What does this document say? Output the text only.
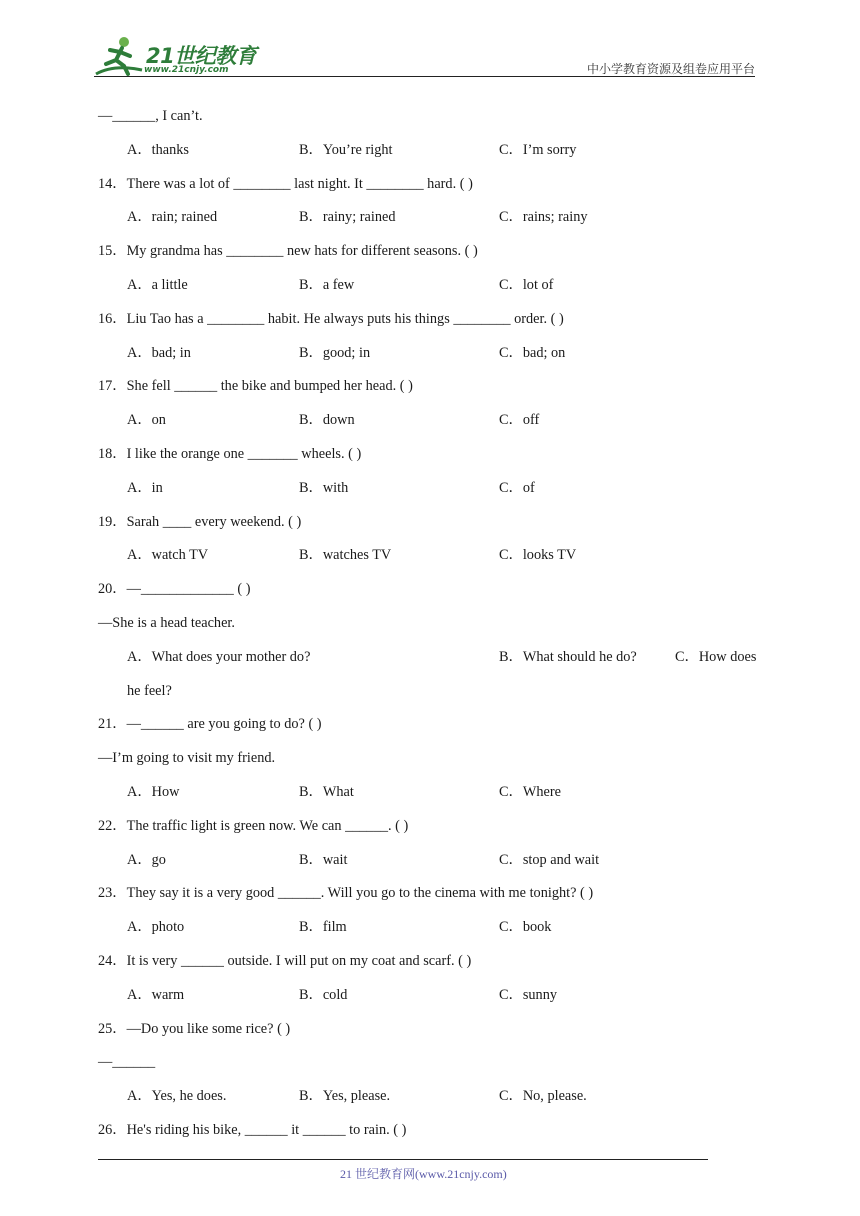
21世纪教育
www.21cnjy.com	中小学教育资源及组卷应用平台
—______, I can’t.
A．thanks	B．You’re right	C．I’m sorry
14．There was a lot of ________ last night. It ________ hard. ( )
A．rain; rained	B．rainy; rained	C．rains; rainy
15．My grandma has ________ new hats for different seasons. ( )
A．a little	B．a few	C．lot of
16．Liu Tao has a ________ habit. He always puts his things ________ order. ( )
A．bad; in	B．good; in	C．bad; on
17．She fell ______ the bike and bumped her head. ( )
A．on	B．down	C．off
18．I like the orange one _______ wheels. ( )
A．in	B．with	C．of
19．Sarah ____ every weekend. ( )
A．watch TV	B．watches TV	C．looks TV
20．—_____________ ( )
—She is a head teacher.
A．What does your mother do?	B．What should he do?	C．How does
he feel?
21．—______ are you going to do? ( )
—I’m going to visit my friend.
A．How	B．What	C．Where
22．The traffic light is green now. We can ______. ( )
A．go	B．wait	C．stop and wait
23．They say it is a very good ______. Will you go to the cinema with me tonight? ( )
A．photo	B．film	C．book
24．It is very ______ outside. I will put on my coat and scarf. ( )
A．warm	B．cold	C．sunny
25．—Do you like some rice? ( )
—______
A．Yes, he does.	B．Yes, please.	C．No, please.
26．He's riding his bike, ______ it ______ to rain. ( )
21 世纪教育网(www.21cnjy.com)
